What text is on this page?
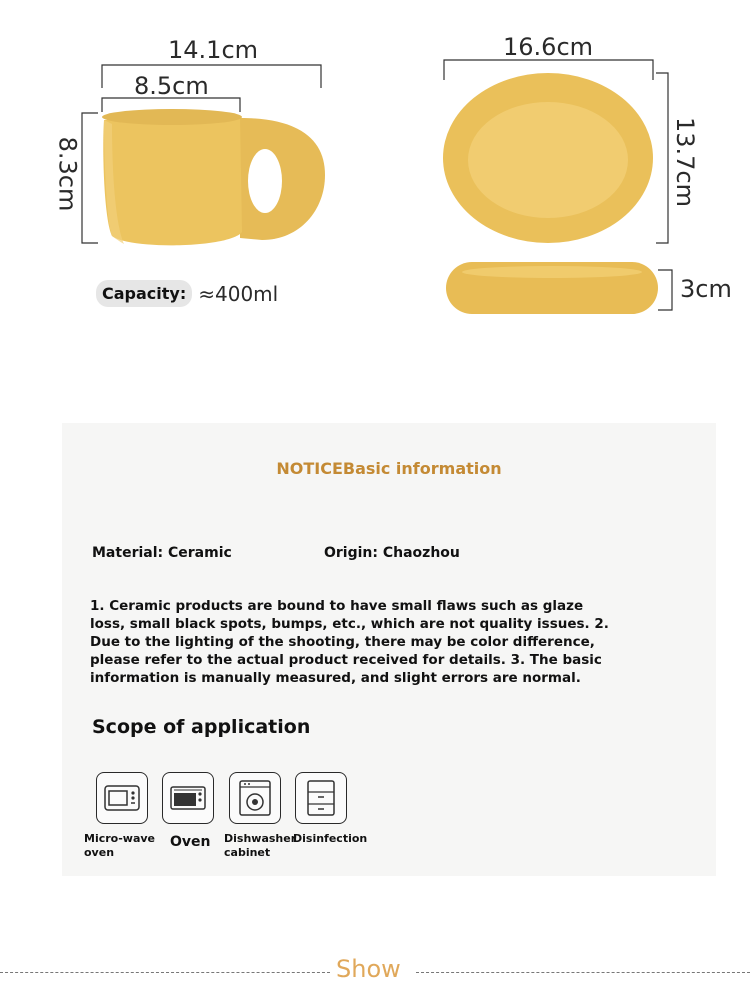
14.1cm
8.5cm
8.3cm
16.6cm
13.7cm
3cm
Capacity: ≈400ml
NOTICEBasic information
Material: Ceramic	Origin: Chaozhou
1. Ceramic products are bound to have small flaws such as glaze loss, small black spots, bumps, etc., which are not quality issues. 2. Due to the lighting of the shooting, there may be color difference, please refer to the actual product received for details. 3. The basic information is manually measured, and slight errors are normal.
Scope of application
Micro-wave oven
Oven Dishwasher cabinet
Disinfection
Show
